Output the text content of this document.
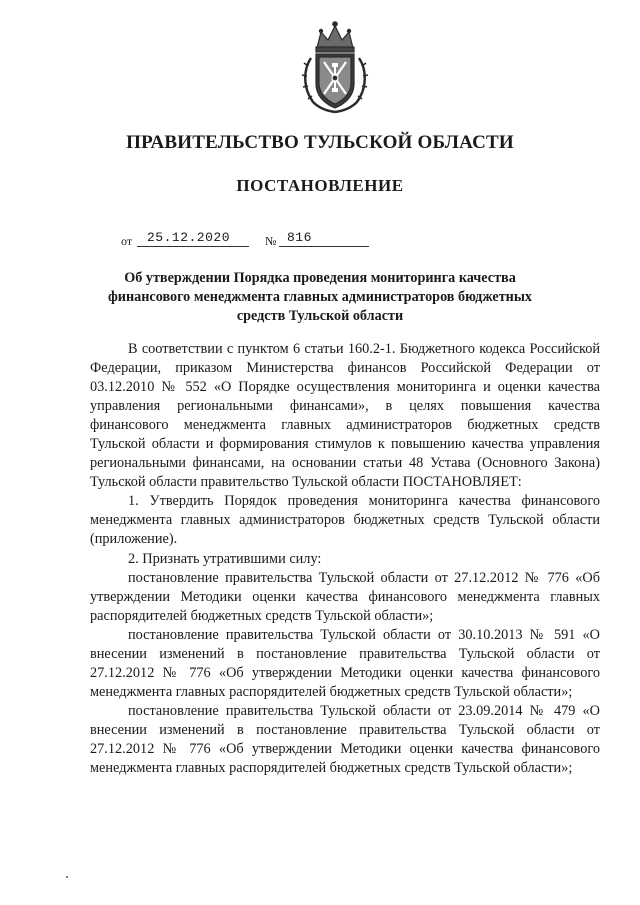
ПРАВИТЕЛЬСТВО ТУЛЬСКОЙ ОБЛАСТИ
ПОСТАНОВЛЕНИЕ
от 25.12.2020	№ 816
Об утверждении Порядка проведения мониторинга качества
финансового менеджмента главных администраторов бюджетных
средств Тульской области

В соответствии с пунктом 6 статьи 160.2-1. Бюджетного кодекса Российской Федерации, приказом Министерства финансов Российской Федерации от 03.12.2010 № 552 «О Порядке осуществления мониторинга и оценки качества управления региональными финансами», в целях повышения качества финансового менеджмента главных администраторов бюджетных средств Тульской области и формирования стимулов к повышению качества управления региональными финансами, на основании статьи 48 Устава (Основного Закона) Тульской области правительство Тульской области ПОСТАНОВЛЯЕТ:

1. Утвердить Порядок проведения мониторинга качества финансового менеджмента главных администраторов бюджетных средств Тульской области (приложение).

2. Признать утратившими силу:

постановление правительства Тульской области от 27.12.2012 № 776 «Об утверждении Методики оценки качества финансового менеджмента главных распорядителей бюджетных средств Тульской области»;

постановление правительства Тульской области от 30.10.2013 № 591 «О внесении изменений в постановление правительства Тульской области от 27.12.2012 № 776 «Об утверждении Методики оценки качества финансового менеджмента главных распорядителей бюджетных средств Тульской области»;

постановление правительства Тульской области от 23.09.2014 № 479 «О внесении изменений в постановление правительства Тульской области от 27.12.2012 № 776 «Об утверждении Методики оценки качества финансового менеджмента главных распорядителей бюджетных средств Тульской области»;
